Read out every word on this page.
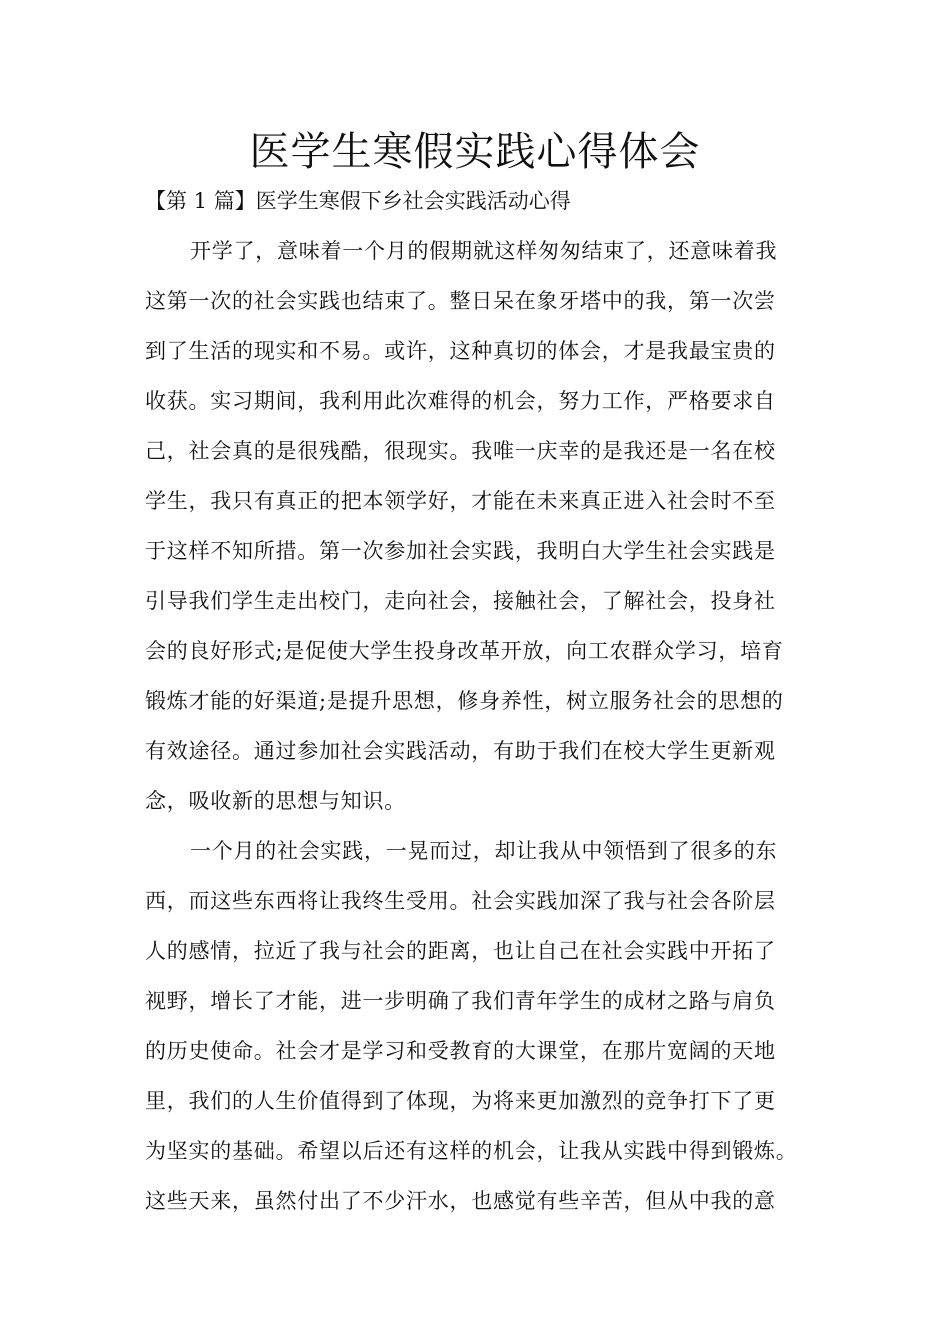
医学生寒假实践心得体会
【第 1 篇】医学生寒假下乡社会实践活动心得
开学了，意味着一个月的假期就这样匆匆结束了，还意味着我
这第一次的社会实践也结束了。整日呆在象牙塔中的我，第一次尝
到了生活的现实和不易。或许，这种真切的体会，才是我最宝贵的
收获。实习期间，我利用此次难得的机会，努力工作，严格要求自
己，社会真的是很残酷，很现实。我唯一庆幸的是我还是一名在校
学生，我只有真正的把本领学好，才能在未来真正进入社会时不至
于这样不知所措。第一次参加社会实践，我明白大学生社会实践是
引导我们学生走出校门，走向社会，接触社会，了解社会，投身社
会的良好形式;是促使大学生投身改革开放，向工农群众学习，培育
锻炼才能的好渠道;是提升思想，修身养性，树立服务社会的思想的
有效途径。通过参加社会实践活动，有助于我们在校大学生更新观
念，吸收新的思想与知识。
一个月的社会实践，一晃而过，却让我从中领悟到了很多的东
西，而这些东西将让我终生受用。社会实践加深了我与社会各阶层
人的感情，拉近了我与社会的距离，也让自己在社会实践中开拓了
视野，增长了才能，进一步明确了我们青年学生的成材之路与肩负
的历史使命。社会才是学习和受教育的大课堂，在那片宽阔的天地
里，我们的人生价值得到了体现，为将来更加激烈的竞争打下了更
为坚实的基础。希望以后还有这样的机会，让我从实践中得到锻炼。
这些天来，虽然付出了不少汗水，也感觉有些辛苦，但从中我的意
